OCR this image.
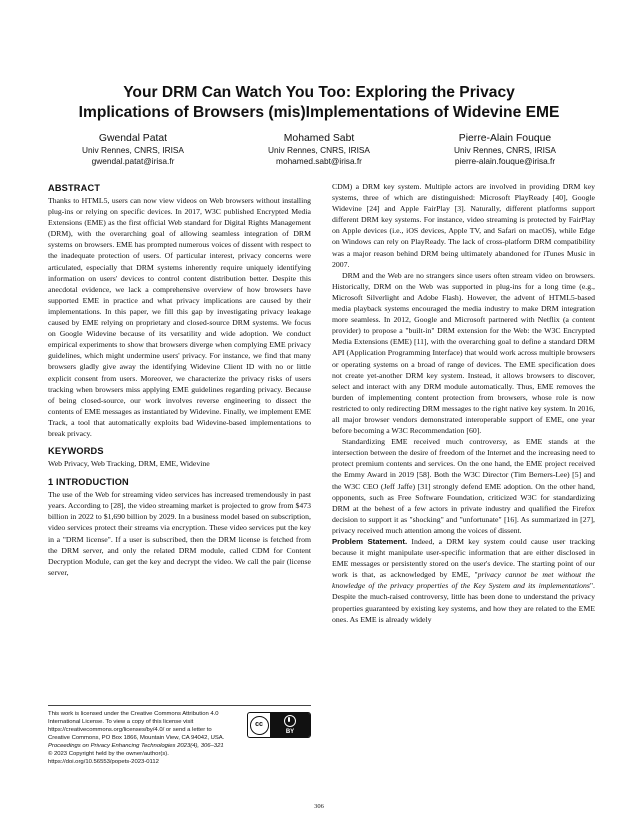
Your DRM Can Watch You Too: Exploring the Privacy
Implications of Browsers (mis)Implementations of Widevine EME
Gwendal Patat
Univ Rennes, CNRS, IRISA
gwendal.patat@irisa.fr
Mohamed Sabt
Univ Rennes, CNRS, IRISA
mohamed.sabt@irisa.fr
Pierre-Alain Fouque
Univ Rennes, CNRS, IRISA
pierre-alain.fouque@irisa.fr
ABSTRACT

Thanks to HTML5, users can now view videos on Web browsers without installing plug-ins or relying on specific devices. In 2017, W3C published Encrypted Media Extensions (EME) as the first official Web standard for Digital Rights Management (DRM), with the overarching goal of allowing seamless integration of DRM systems on browsers. EME has prompted numerous voices of dissent with respect to the inadequate protection of users. Of particular interest, privacy concerns were articulated, especially that DRM systems inherently require uniquely identifying information on users' devices to control content distribution better. Despite this anecdotal evidence, we lack a comprehensive overview of how browsers have supported EME in practice and what privacy implications are caused by their implementations. In this paper, we fill this gap by investigating privacy leakage caused by EME relying on proprietary and closed-source DRM systems. We focus on Google Widevine because of its versatility and wide adoption. We conduct empirical experiments to show that browsers diverge when complying EME privacy guidelines, which might undermine users' privacy. For instance, we find that many browsers gladly give away the identifying Widevine Client ID with no or little explicit consent from users. Moreover, we characterize the privacy risks of users tracking when browsers miss applying EME guidelines regarding privacy. Because of being closed-source, our work involves reverse engineering to dissect the contents of EME messages as instantiated by Widevine. Finally, we implement EME Track, a tool that automatically exploits bad Widevine-based implementations to break privacy.

KEYWORDS

Web Privacy, Web Tracking, DRM, EME, Widevine

1 INTRODUCTION

The use of the Web for streaming video services has increased tremendously in past years. According to [28], the video streaming market is projected to grow from $473 billion in 2022 to $1,690 billion by 2029. In a business model based on subscription, video services protect their streams via encryption. These video services put the key in a "DRM license". If a user is subscribed, then the DRM license is fetched from the DRM server, and only the related DRM module, called CDM for Content Decryption Module, can get the key and decrypt the video. We call the pair (license server,

CDM) a DRM key system. Multiple actors are involved in providing DRM key systems, three of which are distinguished: Microsoft PlayReady [40], Google Widevine [24] and Apple FairPlay [3]. Naturally, different platforms support different DRM key systems. For instance, video streaming is protected by FairPlay on Apple devices (i.e., iOS devices, Apple TV, and Safari on macOS), while Edge on Windows can rely on PlayReady. The lack of cross-platform DRM compatibility was a major reason behind DRM being ultimately abandoned for iTunes Music in 2007.

DRM and the Web are no strangers since users often stream video on browsers. Historically, DRM on the Web was supported in plug-ins for a long time (e.g., Microsoft Silverlight and Adobe Flash). However, the advent of HTML5-based media playback systems encouraged the media industry to make DRM integration more seamless. In 2012, Google and Microsoft partnered with Netflix (a content provider) to propose a "built-in" DRM extension for the Web: the W3C Encrypted Media Extensions (EME) [11], with the overarching goal to define a standard DRM API (Application Programming Interface) that would work across multiple browsers or operating systems on a broad of range of devices. The EME specification does not create yet-another DRM key system. Instead, it allows browsers to discover, select and interact with any DRM module automatically. Thus, EME removes the burden of implementing content protection from browsers, whose role is now restricted to only redirecting DRM messages to the right native key system. In 2016, all major browser vendors demonstrated interoperable support of EME, one year before becoming a W3C Recommendation [60].

Standardizing EME received much controversy, as EME stands at the intersection between the desire of freedom of the Internet and the increasing need to protect premium contents and services. On the one hand, the EME project received the Emmy Award in 2019 [58]. Both the W3C Director (Tim Berners-Lee) [5] and the W3C CEO (Jeff Jaffe) [31] strongly defend EME adoption. On the other hand, opponents, such as Free Software Foundation, criticized W3C for standardizing DRM at the behest of a few actors in private industry and qualified the Firefox decision to support it as "shocking" and "unfortunate" [16]. As summarized in [27], privacy received much attention among the voices of dissent.

Problem Statement. Indeed, a DRM key system could cause user tracking because it might manipulate user-specific information that are either disclosed in EME messages or persistently stored on the user's device. The starting point of our work is that, as acknowledged by EME, "privacy cannot be met without the knowledge of the privacy properties of the Key System and its implementations". Despite the much-raised controversy, little has been done to understand the privacy properties guaranteed by existing key systems, and how they are related to the EME ones. As EME is already widely

This work is licensed under the Creative Commons Attribution 4.0 International License. To view a copy of this license visit https://creativecommons.org/licenses/by/4.0/ or send a letter to Creative Commons, PO Box 1866, Mountain View, CA 94042, USA.
cc
BY
Proceedings on Privacy Enhancing Technologies 2023(4), 306–321
© 2023 Copyright held by the owner/author(s).
https://doi.org/10.56553/popets-2023-0112
306
